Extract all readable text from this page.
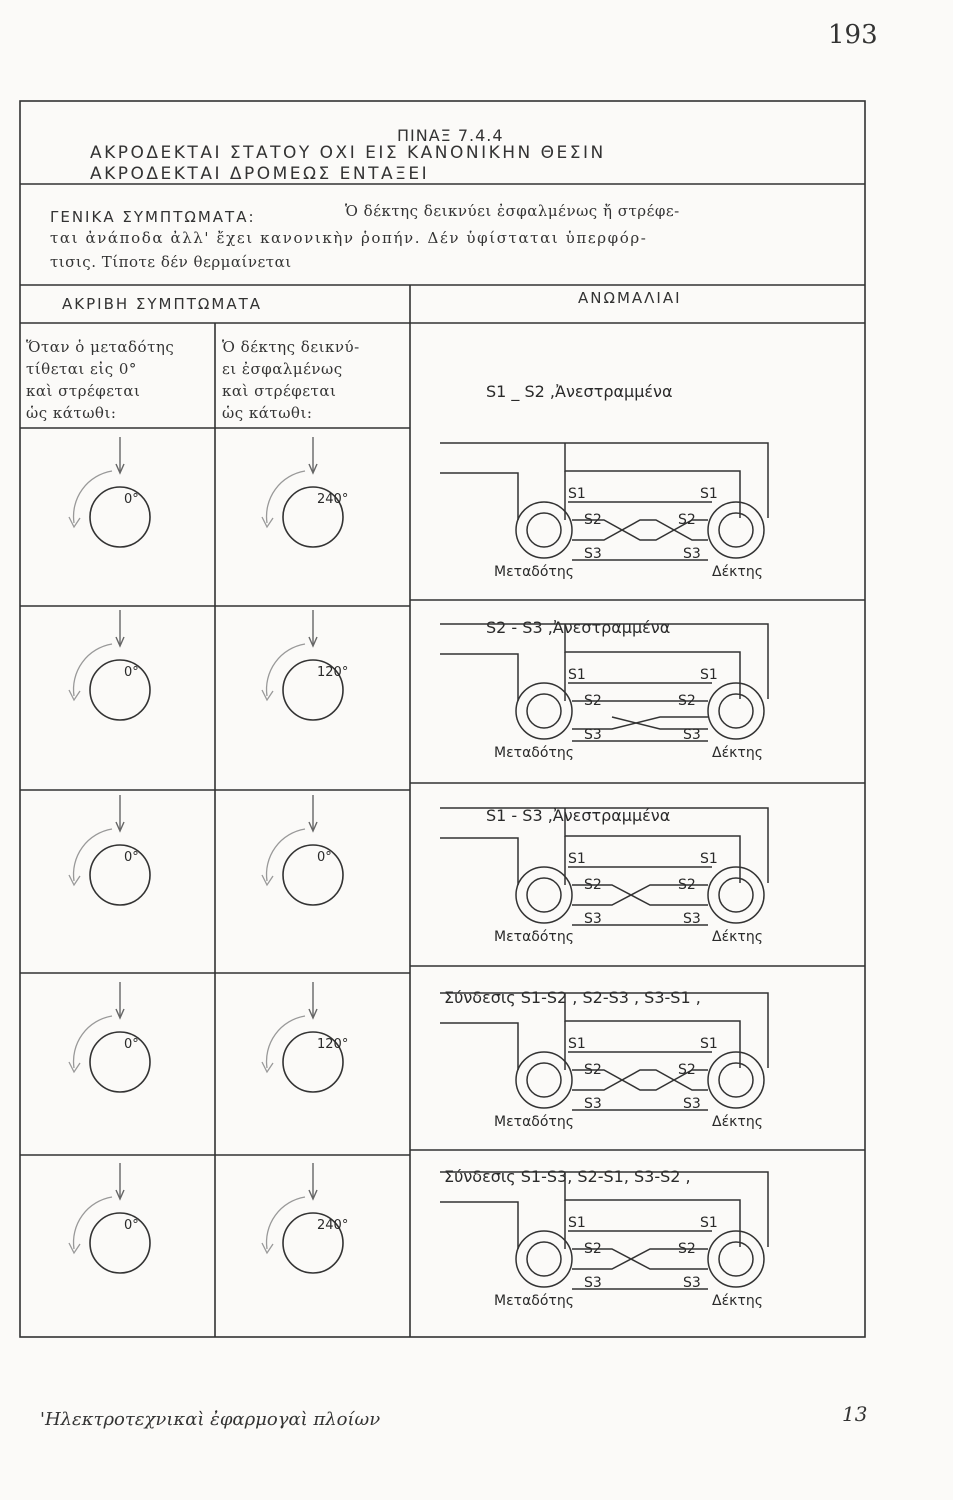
193
ΠΙΝΑΞ 7.4.4
ΑΚΡΟΔΕΚΤΑΙ ΣΤΑΤΟΥ ΟΧΙ ΕΙΣ ΚΑΝΟΝΙΚΗΝ ΘΕΣΙΝ
ΑΚΡΟΔΕΚΤΑΙ ΔΡΟΜΕΩΣ ΕΝΤΑΞΕΙ
ΓΕΝΙΚΑ ΣΥΜΠΤΩΜΑΤΑ:	Ὁ δέκτης δεικνύει ἐσφαλμένως ἤ στρέφε-
ται ἀνάποδα ἀλλ' ἔχει κανονικὴν ῥοπήν. Δέν ὑφίσταται ὑπερφόρ-
τισις. Τίποτε δέν θερμαίνεται
ΑΚΡΙΒΗ ΣΥΜΠΤΩΜΑΤΑ	ΑΝΩΜΑΛΙΑΙ
Ὅταν ὁ μεταδότης
τίθεται εἰς 0°
καὶ στρέφεται
ὡς κάτωθι:
Ὁ δέκτης δεικνύ-
ει ἐσφαλμένως
καὶ στρέφεται
ὡς κάτωθι:
0°	240°
S1 _ S2 ,Ἀνεστραμμένα
S1	S1
S2	S2
S3	S3
Μεταδότης	Δέκτης
0°	120°
S2 - S3 ,Ἀνεστραμμένα
S1	S1
S2	S2
S3	S3
Μεταδότης	Δέκτης
0°	0°
S1 - S3 ,Ἀνεστραμμένα
S1	S1
S2	S2
S3	S3
Μεταδότης	Δέκτης
0°	120°
Σύνδεσις S1-S2 , S2-S3 , S3-S1 ,
S1	S1
S2	S2
S3	S3
Μεταδότης	Δέκτης
0°	240°
Σύνδεσις S1-S3, S2-S1, S3-S2 ,
S1	S1
S2	S2
S3	S3
Μεταδότης	Δέκτης
'Ηλεκτροτεχνικαὶ ἐφαρμογαὶ πλοίων	13
